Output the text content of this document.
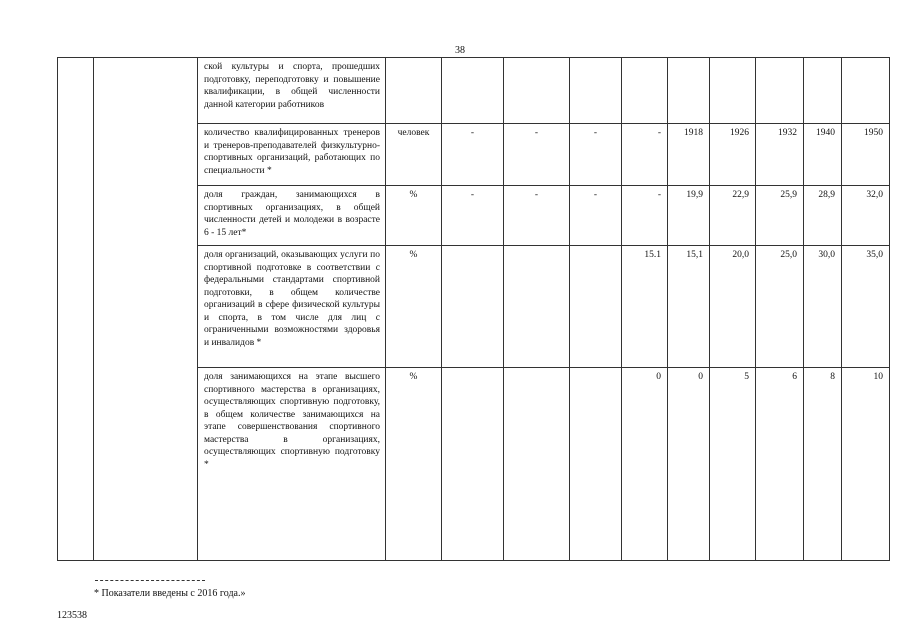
38
		ской культуры и спорта, прошедших подготовку, переподготовку и повышение квалификации, в общей численности данной категории работников										
		количество квалифицированных тренеров и тренеров-преподавателей физкультурно-спортивных организаций, работающих по специальности *	человек	-	-	-	-	1918	1926	1932	1940	1950
		доля граждан, занимающихся в спортивных организациях, в общей численности детей и молодежи в возрасте 6 - 15 лет*	%	-	-	-	-	19,9	22,9	25,9	28,9	32,0
		доля организаций, оказывающих услуги по спортивной подготовке в соответствии с федеральными стандартами спортивной подготовки, в общем количестве организаций в сфере физической культуры и спорта, в том числе для лиц с ограниченными возможностями здоровья и инвалидов *	%				15.1	15,1	20,0	25,0	30,0	35,0
		доля занимающихся на этапе высшего спортивного мастерства в организациях, осуществляющих спортивную подготовку, в общем количестве занимающихся на этапе совершенствования спортивного мастерства в организациях, осуществляющих спортивную подготовку *	%				0	0	5	6	8	10
* Показатели введены с 2016 года.»
123538
